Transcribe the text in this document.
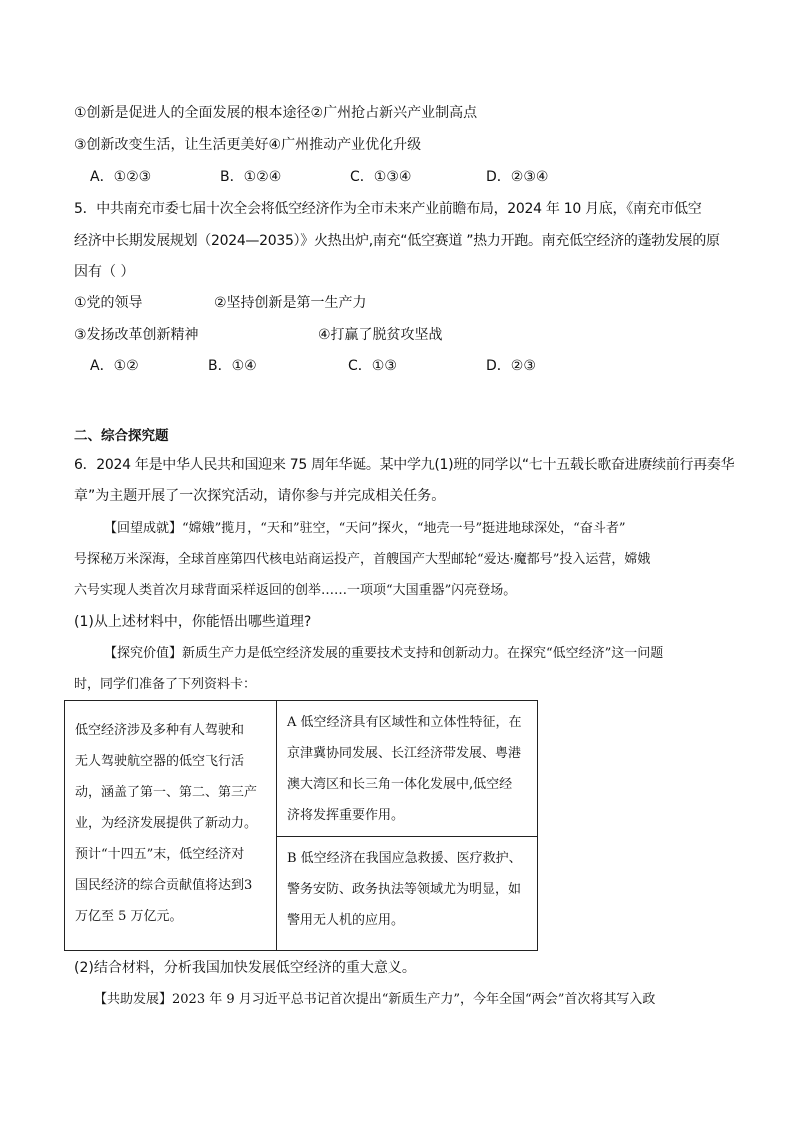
①创新是促进人的全面发展的根本途径②广州抢占新兴产业制高点
③创新改变生活，让生活更美好④广州推动产业优化升级
A．①②③	B．①②④	C．①③④	D．②③④
5．中共南充市委七届十次全会将低空经济作为全市未来产业前瞻布局，2024 年 10 月底，《南充市低空
经济中长期发展规划（2024—2035）》火热出炉,南充“低空赛道 ”热力开跑。南充低空经济的蓬勃发展的原
因有（ ）
①党的领导	②坚持创新是第一生产力
③发扬改革创新精神	④打赢了脱贫攻坚战
A．①②	B．①④	C．①③	D．②③
二、综合探究题
6．2024 年是中华人民共和国迎来 75 周年华诞。某中学九(1)班的同学以“七十五载长歌奋进赓续前行再奏华
章”为主题开展了一次探究活动，请你参与并完成相关任务。
【回望成就】“嫦娥”揽月，“天和”驻空，“天问”探火，“地壳一号”挺进地球深处，“奋斗者”
号探秘万米深海，全球首座第四代核电站商运投产，首艘国产大型邮轮“爱达·魔都号”投入运营，嫦娥
六号实现人类首次月球背面采样返回的创举……一项项“大国重器”闪亮登场。
(1)从上述材料中，你能悟出哪些道理?
【探究价值】新质生产力是低空经济发展的重要技术支持和创新动力。在探究“低空经济”这一问题
时，同学们准备了下列资料卡：
低空经济涉及多种有人驾驶和
无人驾驶航空器的低空飞行活
动，涵盖了第一、第二、第三产
业，为经济发展提供了新动力。
预计“十四五”末，低空经济对
国民经济的综合贡献值将达到3
万亿至 5 万亿元。
A 低空经济具有区域性和立体性特征，在
京津冀协同发展、长江经济带发展、粤港
澳大湾区和长三角一体化发展中,低空经
济将发挥重要作用。
B 低空经济在我国应急救援、医疗救护、
警务安防、政务执法等领域尤为明显，如
警用无人机的应用。
(2)结合材料，分析我国加快发展低空经济的重大意义。
【共助发展】2023 年 9 月习近平总书记首次提出“新质生产力”，今年全国“两会”首次将其写入政
